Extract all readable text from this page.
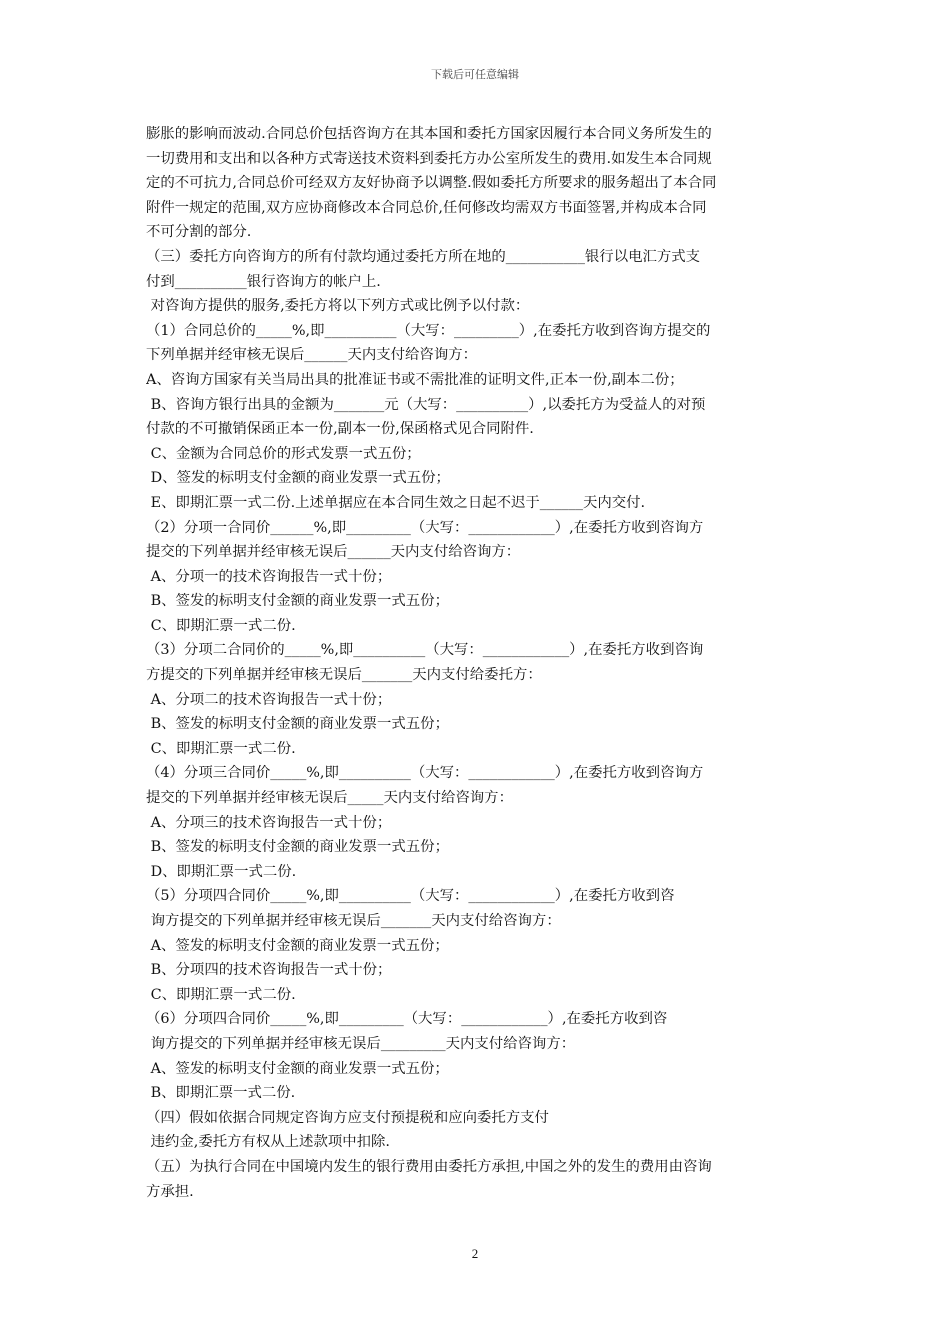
下载后可任意编辑

膨胀的影响而波动.合同总价包括咨询方在其本国和委托方国家因履行本合同义务所发生的

一切费用和支出和以各种方式寄送技术资料到委托方办公室所发生的费用.如发生本合同规

定的不可抗力,合同总价可经双方友好协商予以调整.假如委托方所要求的服务超出了本合同

附件一规定的范围,双方应协商修改本合同总价,任何修改均需双方书面签署,并构成本合同

不可分割的部分.

（三）委托方向咨询方的所有付款均通过委托方所在地的___________银行以电汇方式支

付到__________银行咨询方的帐户上.

对咨询方提供的服务,委托方将以下列方式或比例予以付款：

（1）合同总价的_____%,即__________（大写：_________）,在委托方收到咨询方提交的

下列单据并经审核无误后______天内支付给咨询方：

A、咨询方国家有关当局出具的批准证书或不需批准的证明文件,正本一份,副本二份；

B、咨询方银行出具的金额为_______元（大写：__________）,以委托方为受益人的对预

付款的不可撤销保函正本一份,副本一份,保函格式见合同附件.

C、金额为合同总价的形式发票一式五份；

D、签发的标明支付金额的商业发票一式五份；

E、即期汇票一式二份.上述单据应在本合同生效之日起不迟于______天内交付.

（2）分项一合同价______%,即_________（大写：____________）,在委托方收到咨询方

提交的下列单据并经审核无误后______天内支付给咨询方：

A、分项一的技术咨询报告一式十份；

B、签发的标明支付金额的商业发票一式五份；

C、即期汇票一式二份.

（3）分项二合同价的_____%,即__________（大写：____________）,在委托方收到咨询

方提交的下列单据并经审核无误后_______天内支付给委托方：

A、分项二的技术咨询报告一式十份；

B、签发的标明支付金额的商业发票一式五份；

C、即期汇票一式二份.

（4）分项三合同价_____%,即__________（大写：____________）,在委托方收到咨询方

提交的下列单据并经审核无误后_____天内支付给咨询方：

A、分项三的技术咨询报告一式十份；

B、签发的标明支付金额的商业发票一式五份；

D、即期汇票一式二份.

（5）分项四合同价_____%,即__________（大写：____________）,在委托方收到咨

询方提交的下列单据并经审核无误后_______天内支付给咨询方：

A、签发的标明支付金额的商业发票一式五份；

B、分项四的技术咨询报告一式十份；

C、即期汇票一式二份.

（6）分项四合同价_____%,即_________（大写：____________）,在委托方收到咨

询方提交的下列单据并经审核无误后_________天内支付给咨询方：

A、签发的标明支付金额的商业发票一式五份；

B、即期汇票一式二份.

（四）假如依据合同规定咨询方应支付预提税和应向委托方支付

违约金,委托方有权从上述款项中扣除.

（五）为执行合同在中国境内发生的银行费用由委托方承担,中国之外的发生的费用由咨询

方承担.

2
